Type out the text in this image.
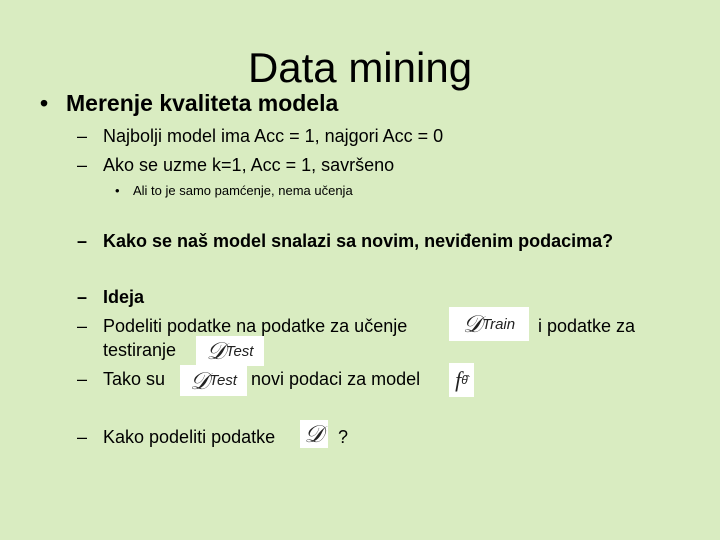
Data mining
• Merenje kvaliteta modela
– Najbolji model ima Acc = 1, najgori Acc = 0
– Ako se uzme k=1, Acc = 1, savršeno
• Ali to je samo pamćenje, nema učenja
– Kako se naš model snalazi sa novim, neviđenim podacima?
– Ideja
– Podeliti podatke na podatke za učenje 𝒟 Train i podatke za
testiranje 𝒟 Test
– Tako su 𝒟 Test novi podaci za model f θ̂
– Kako podeliti podatke 𝒟 ?
